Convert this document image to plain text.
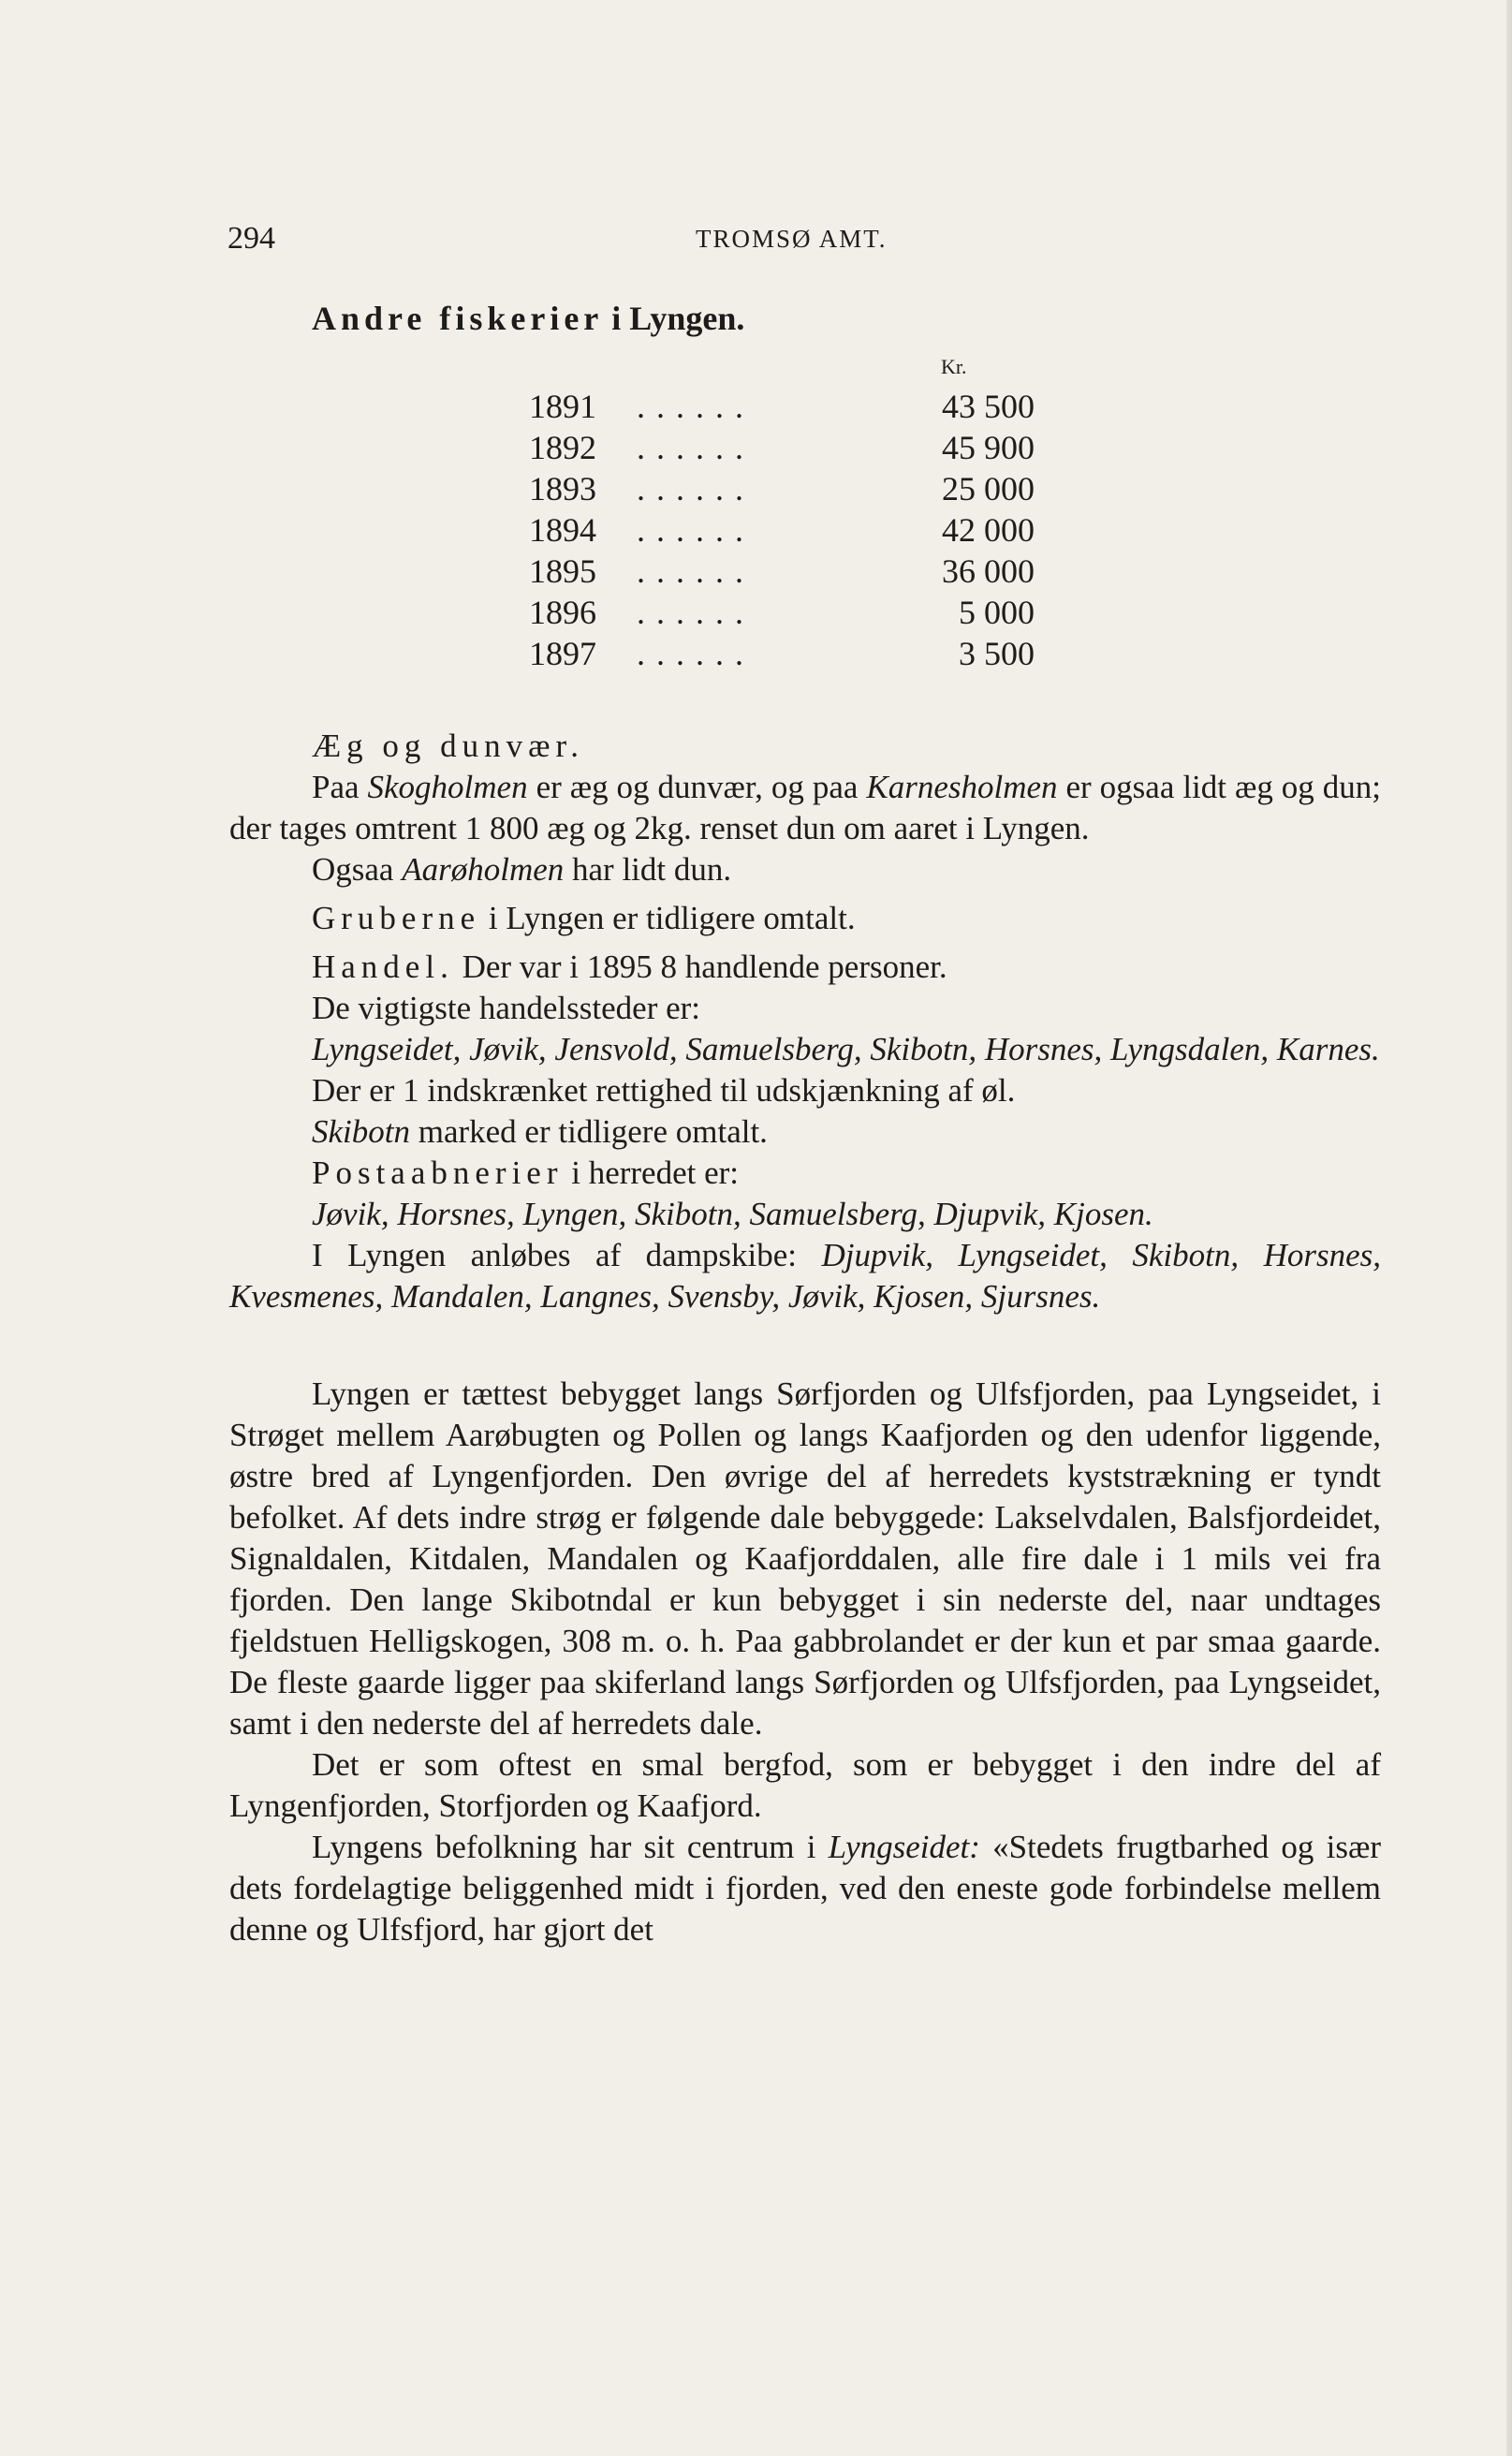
294	TROMSØ AMT.
Andre fiskerier i Lyngen.
Kr.
1891 ......	43 500
1892 ......	45 900
1893 ......	25 000
1894 ......	42 000
1895 ......	36 000
1896 ......	5 000
1897 ......	3 500

Æg og dunvær.

Paa Skogholmen er æg og dunvær, og paa Karnesholmen er ogsaa lidt æg og dun; der tages omtrent 1 800 æg og 2kg. renset dun om aaret i Lyngen.

Ogsaa Aarøholmen har lidt dun.

Gruberne i Lyngen er tidligere omtalt.

Handel. Der var i 1895 8 handlende personer.

De vigtigste handelssteder er:

Lyngseidet, Jøvik, Jensvold, Samuelsberg, Skibotn, Horsnes, Lyngsdalen, Karnes.

Der er 1 indskrænket rettighed til udskjænkning af øl.

Skibotn marked er tidligere omtalt.

Postaabnerier i herredet er:

Jøvik, Horsnes, Lyngen, Skibotn, Samuelsberg, Djupvik, Kjosen.

I Lyngen anløbes af dampskibe: Djupvik, Lyngseidet, Skibotn, Horsnes, Kvesmenes, Mandalen, Langnes, Svensby, Jøvik, Kjosen, Sjursnes.

Lyngen er tættest bebygget langs Sørfjorden og Ulfsfjorden, paa Lyngseidet, i Strøget mellem Aarøbugten og Pollen og langs Kaafjorden og den udenfor liggende, østre bred af Lyngenfjorden. Den øvrige del af herredets kyststrækning er tyndt befolket. Af dets indre strøg er følgende dale bebyggede: Lakselvdalen, Balsfjordeidet, Signaldalen, Kitdalen, Mandalen og Kaafjorddalen, alle fire dale i 1 mils vei fra fjorden. Den lange Skibotndal er kun bebygget i sin nederste del, naar undtages fjeldstuen Helligskogen, 308 m. o. h. Paa gabbrolandet er der kun et par smaa gaarde. De fleste gaarde ligger paa skiferland langs Sørfjorden og Ulfsfjorden, paa Lyngseidet, samt i den nederste del af herredets dale.

Det er som oftest en smal bergfod, som er bebygget i den indre del af Lyngenfjorden, Storfjorden og Kaafjord.

Lyngens befolkning har sit centrum i Lyngseidet: «Stedets frugtbarhed og især dets fordelagtige beliggenhed midt i fjorden, ved den eneste gode forbindelse mellem denne og Ulfsfjord, har gjort det
